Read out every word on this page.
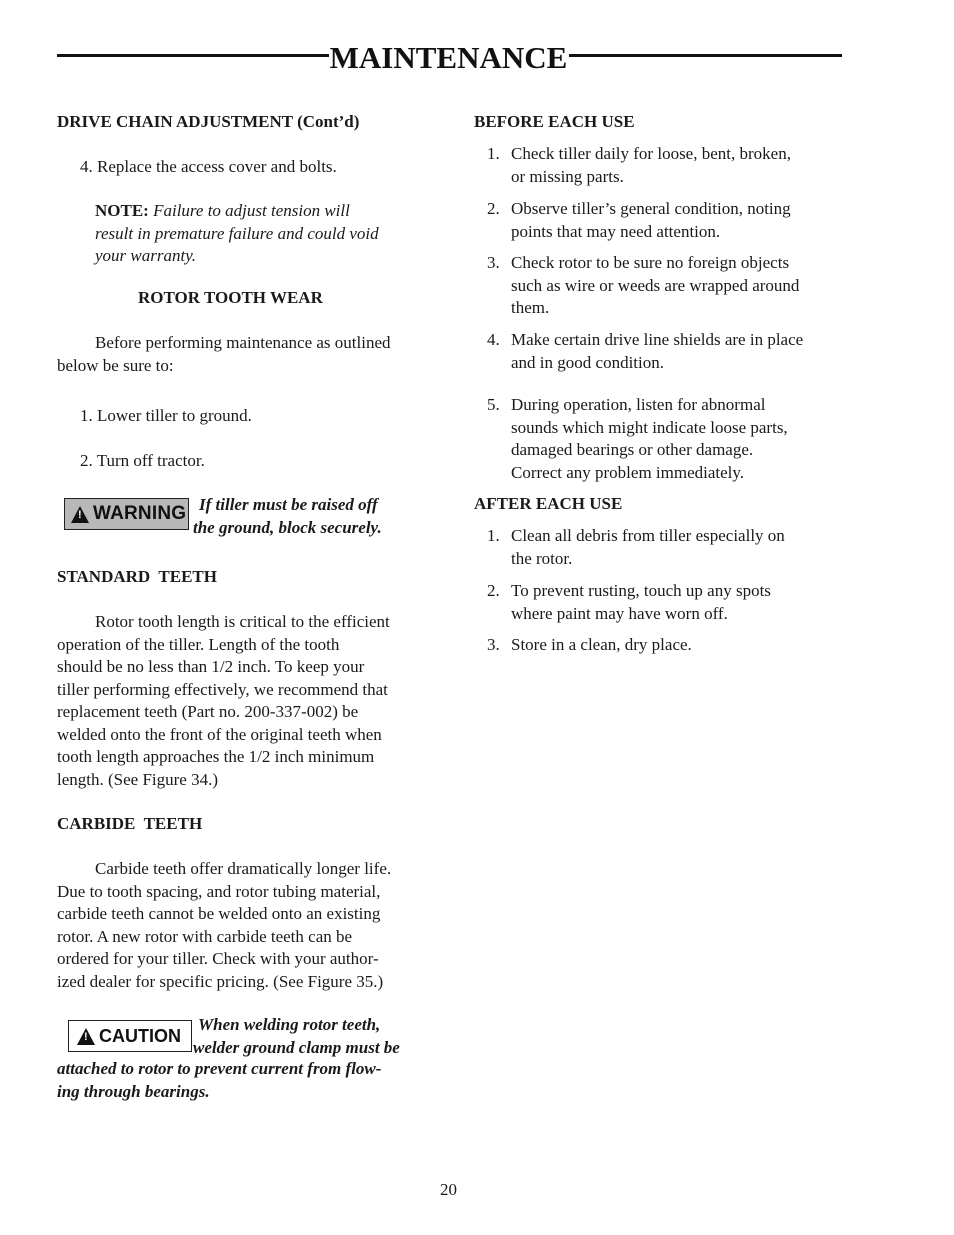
MAINTENANCE
DRIVE CHAIN ADJUSTMENT (Cont’d)
4. Replace the access cover and bolts.
NOTE: Failure to adjust tension will
result in premature failure and could void
your warranty.
ROTOR TOOTH WEAR
Before performing maintenance as outlined
below be sure to:
1. Lower tiller to ground.
2. Turn off tractor.
!
WARNING If tiller must be raised off
the ground, block securely.
STANDARD  TEETH
Rotor tooth length is critical to the efficient
operation of the tiller. Length of the tooth
should be no less than 1/2 inch. To keep your
tiller performing effectively, we recommend that
replacement teeth (Part no. 200-337-002) be
welded onto the front of the original teeth when
tooth length approaches the 1/2 inch minimum
length. (See Figure 34.)
CARBIDE  TEETH
Carbide teeth offer dramatically longer life.
Due to tooth spacing, and rotor tubing material,
carbide teeth cannot be welded onto an existing
rotor. A new rotor with carbide teeth can be
ordered for your tiller. Check with your author-
ized dealer for specific pricing. (See Figure 35.)
!
CAUTION
When welding rotor teeth,
welder ground clamp must be
attached to rotor to prevent current from flow-
ing through bearings.
BEFORE EACH USE
1. Check tiller daily for loose, bent, broken,
or missing parts.
2. Observe tiller’s general condition, noting
points that may need attention.
3. Check rotor to be sure no foreign objects
such as wire or weeds are wrapped around
them.
4. Make certain drive line shields are in place
and in good condition.
5. During operation, listen for abnormal
sounds which might indicate loose parts,
damaged bearings or other damage.
Correct any problem immediately.
AFTER EACH USE
1. Clean all debris from tiller especially on
the rotor.
2. To prevent rusting, touch up any spots
where paint may have worn off.
3. Store in a clean, dry place.
20
